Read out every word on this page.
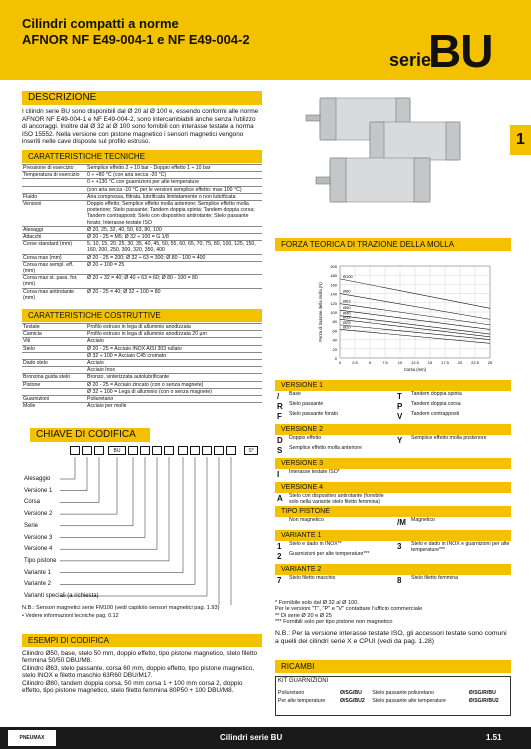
Cilindri compatti a norme
AFNOR NF E49-004-1 e NF E49-004-2
serie
BU
1
DESCRIZIONE
I cilindri serie BU sono disponibili dal Ø 20 al Ø 100 e, essendo conformi alle norme AFNOR NF E49-004-1 e NF E49-004-2, sono intercambiabili anche senza l'utilizzo di ancoraggi. Inoltre dal Ø 32 al Ø 100 sono fornibili con interasse testate a norma ISO 15552. Nella versione con pistone magnetico i sensori magnetici vengono inseriti nelle cave disposte sul profilo estruso.
CARATTERISTICHE TECNICHE
Pressione di esercizio	Semplice effetto 2 ÷ 10 bar - Doppio effetto 1 ÷ 10 bar
Temperatura di esercizio	0 ÷ +80 °C (con aria secca -20 °C)
	0 ÷ +130 °C con guarnizioni per alte temperature
	(con aria secca -10 °C per le versioni semplice effetto: max 100 °C)
Fluido	Aria compressa, filtrata, lubrificata limitatamente o non lubrificata
Versioni	Doppio effetto; Semplice effetto molla anteriore; Semplice effetto molla posteriore; Stelo passante; Tandem doppia spinta; Tandem doppia corsa; Tandem contrapposti; Stelo con dispositivo antirotante; Stelo passante forato; Interasse testate ISO
Alesaggi	Ø 20, 25, 32, 40, 50, 63, 80, 100
Attacchi	Ø 20 - 25 = M5; Ø 32 ÷ 100 = G 1/8
Corse standard (mm)	5, 10, 15, 20, 25, 30, 35, 40, 45, 50, 55, 60, 65, 70, 75, 80, 100, 125, 150, 160, 200, 250, 300, 320, 350, 400
Corsa max (mm)	Ø 20 - 25 = 200; Ø 32 ÷ 63 = 300; Ø 80 - 100 = 400
Corsa max sempl. eff. (mm)	Ø 20 ÷ 100 = 25
Corsa max st. pass. for. (mm)	Ø 20 ÷ 32 = 40; Ø 40 ÷ 63 = 60; Ø 80 - 100 = 80
Corsa max antirotante (mm)	Ø 20 - 25 = 40; Ø 32 ÷ 100 = 80
CARATTERISTICHE COSTRUTTIVE
Testate	Profilo estruso in lega di alluminio anodizzata
Camicia	Profilo estruso in lega di alluminio anodizzata 20 µm
Viti	Acciaio
Stelo	Ø 20 - 25 = Acciaio INOX AISI 303 rullato
	Ø 32 ÷ 100 = Acciaio C45 cromato
Dado stelo	Acciaio
	Acciaio Inox
Bronzina guida stelo	Bronzo, sinterizzata autolubrificante
Pistone	Ø 20 - 25 = Acciaio zincato (con o senza magnete)
	Ø 32 ÷ 100 = Lega di alluminio (con o senza magnete)
Guarnizioni	Poliuretano
Molle	Acciaio per molle
CHIAVE DI CODIFICA
BU	S*
Alesaggio
Versione 1
Corsa
Versione 2
Serie
Versione 3
Versione 4
Tipo pistone
Variante 1
Variante 2
Varianti speciali (a richiesta)
N.B.: Sensori magnetici serie FM100 (vedi capitolo sensori magnetici pag. 1.93)
• Vedere informazioni tecniche pag. 0.12
ESEMPI DI CODIFICA
Cilindro Ø50, base, stelo 50 mm, doppio effetto, tipo pistone magnetico, stelo filetto femmina 50/50 DBU/M8.
Cilindro Ø63, stelo passante, corsa 60 mm, doppio effetto, tipo pistone magnetico, stelo INOX e filetto maschio 63R60 DBU/M17.
Cilindro Ø80, tandem doppia corsa, 50 mm corsa 1 + 100 mm corsa 2, doppio effetto, tipo pistone magnetico, stelo filetto femmina 80P50 + 100 DBU/M8.
FORZA TEORICA DI TRAZIONE DELLA MOLLA
200
180
160
140
120
100
80
60
40
20
0
0	2.5	5	7.5 10 12.5 15 17.5 20 22.5 25
Forza di trazione della molla (N)
Corsa (mm)
Ø100
Ø80
Ø63
Ø50
Ø40
Ø32
Ø25
Ø20
VERSIONE 1
/	Base	T	Tandem doppia spinta
R	Stelo passante	P	Tandem doppia corsa
F	Stelo passante forato	V	Tandem contrapposti
VERSIONE 2
D	Doppio effetto	Y	Semplice effetto molla posteriore
S	Semplice effetto molla anteriore
VERSIONE 3
I	Interasse testate ISO*
VERSIONE 4
A	Stelo con dispositivo antirotante (fornibile solo nella variante stelo filetto femmina)
TIPO PISTONE
Non magnetico	/M Magnetico
VARIANTE 1
1	Stelo e dado in INOX**	3	Stelo e dado in INOX e guarnizioni per alte temperature***
2	Guarnizioni per alte temperature***
VARIANTE 2
7	Stelo filetto maschio	8	Stelo filetto femmina
* Fornibile solo dal Ø 32 al Ø 100.
Per le versioni "T", "P" e "V" contattare l'ufficio commerciale
** Di serie Ø 20 e Ø 25
*** Fornibili solo per tipo pistone non magnetico
N.B.: Per la versione interasse testate ISO, gli accessori testate sono comuni a quelli dei cilindri serie X e CPUI (vedi da pag. 1.28)
RICAMBI
KIT GUARNIZIONI
Poliuretano	Ø/SG/BU	Stelo passante poliuretano	Ø/SG/R/BU
Per alte temperature	Ø/SG/BU2	Stelo passante alte temperature	Ø/SG/R/BU2
PNEUMAX	Cilindri serie BU	1.51
